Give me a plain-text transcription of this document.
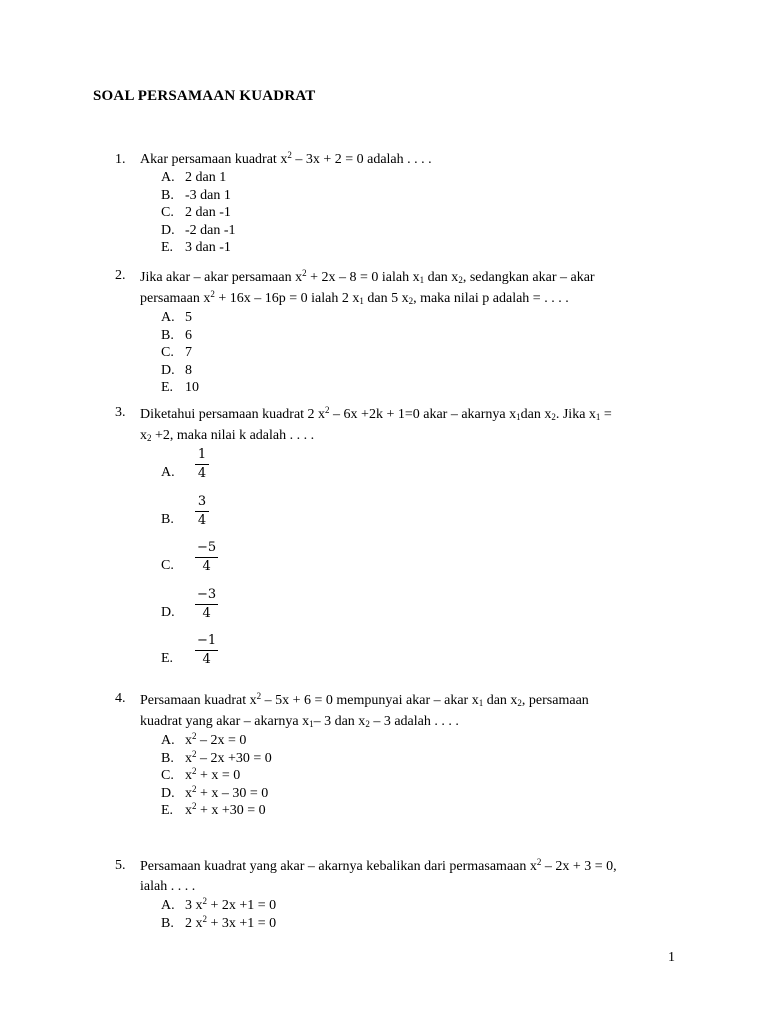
SOAL PERSAMAAN KUADRAT
1. Akar persamaan kuadrat $x^2 - 3x + 2 = 0$ adalah . . . .
A. 2 dan 1
B. -3 dan 1
C. 2 dan -1
D. -2 dan -1
E. 3 dan -1
2. Jika akar – akar persamaan $x^2 + 2x - 8 = 0$ ialah $x_1$ dan $x_2$, sedangkan akar – akar
persamaan $x^2 + 16x - 16p = 0$ ialah 2 $x_1$ dan 5 $x_2$, maka nilai p adalah = . . . .
A. 5
B. 6
C. 7
D. 8
E. 10
3. Diketahui persamaan kuadrat 2 $x^2 - 6x +2k + 1=0$ akar – akarnya $x_1dan$ $x_2$. Jika $x_1$ =
$x_2 +2$, maka nilai k adalah . . . .
A. $\frac{1}{4}$
B. $\frac{3}{4}$
C. $\frac{-5}{4}$
D. $\frac{-3}{4}$
E. $\frac{-1}{4}$
4. Persamaan kuadrat $x^2 - 5x + 6 = 0$ mempunyai akar – akar $x_1$ dan $x_2$, persamaan
kuadrat yang akar – akarnya $x_1-$ 3 dan $x_2 - 3$ adalah . . . .
A. $x^2 - 2x = 0$
B. $x^2 - 2x +30 = 0$
C. $x^2 + x = 0$
D. $x^2 + x - 30 = 0$
E. $x^2 + x +30 = 0$
5. Persamaan kuadrat yang akar – akarnya kebalikan dari permasamaan $x^2 - 2x + 3 = 0$,
ialah . . . .
A. 3 $x^2 + 2x +1 = 0$
B. 2 $x^2 + 3x +1 = 0$
1
